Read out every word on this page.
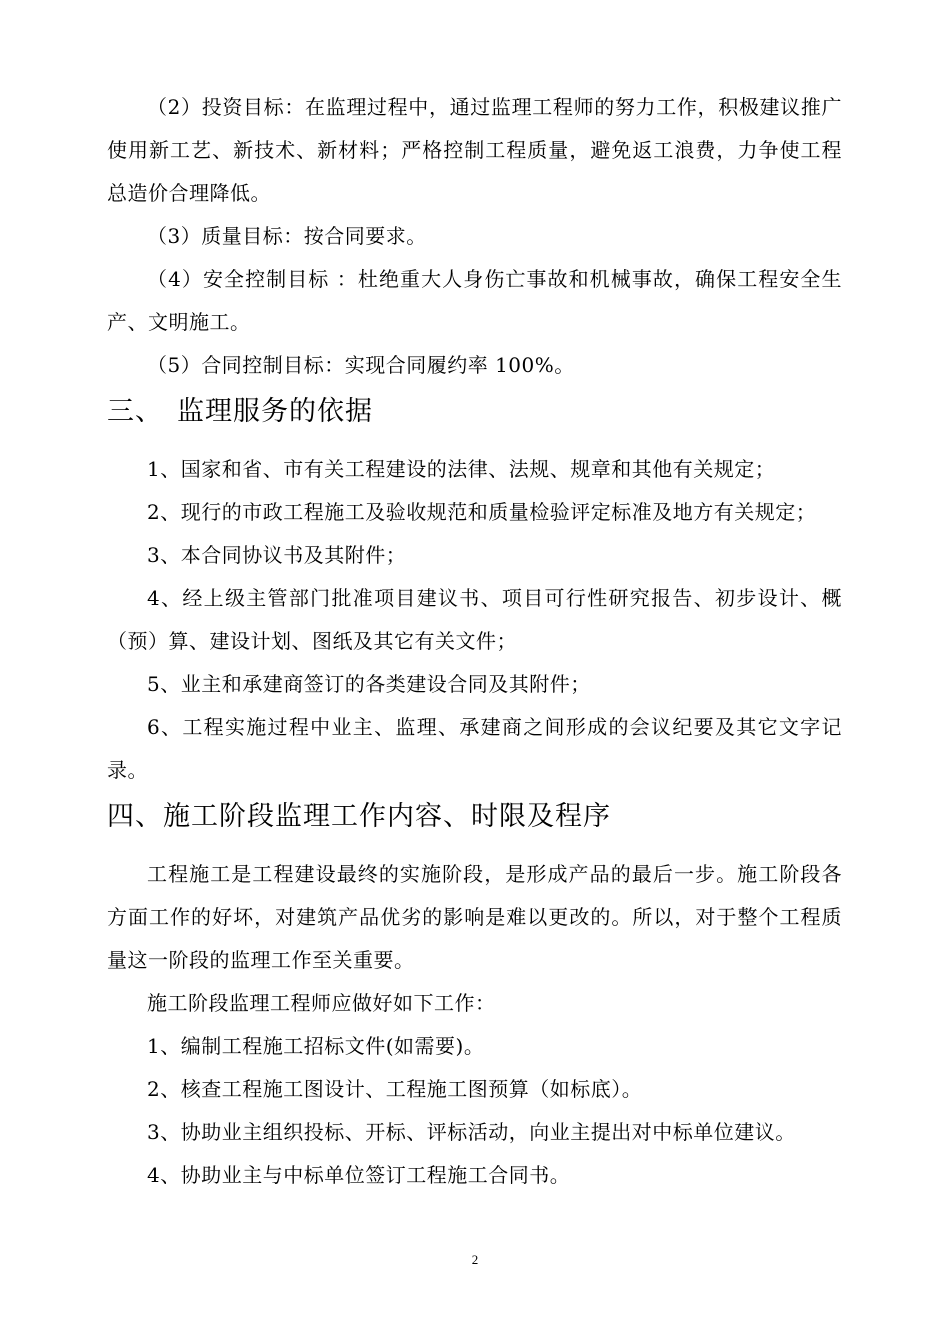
（2）投资目标：在监理过程中，通过监理工程师的努力工作，积极建议推广使用新工艺、新技术、新材料；严格控制工程质量，避免返工浪费，力争使工程总造价合理降低。

（3）质量目标：按合同要求。

（4）安全控制目标 ：杜绝重大人身伤亡事故和机械事故，确保工程安全生产、文明施工。

（5）合同控制目标：实现合同履约率 100%。

三、 监理服务的依据

1、国家和省、市有关工程建设的法律、法规、规章和其他有关规定；

2、现行的市政工程施工及验收规范和质量检验评定标准及地方有关规定；

3、本合同协议书及其附件；

4、经上级主管部门批准项目建议书、项目可行性研究报告、初步设计、概（预）算、建设计划、图纸及其它有关文件；

5、业主和承建商签订的各类建设合同及其附件；

6、工程实施过程中业主、监理、承建商之间形成的会议纪要及其它文字记录。

四、施工阶段监理工作内容、时限及程序

工程施工是工程建设最终的实施阶段，是形成产品的最后一步。施工阶段各方面工作的好坏，对建筑产品优劣的影响是难以更改的。所以，对于整个工程质量这一阶段的监理工作至关重要。

施工阶段监理工程师应做好如下工作：

1、编制工程施工招标文件(如需要)。

2、核查工程施工图设计、工程施工图预算（如标底）。

3、协助业主组织投标、开标、评标活动，向业主提出对中标单位建议。

4、协助业主与中标单位签订工程施工合同书。

2
